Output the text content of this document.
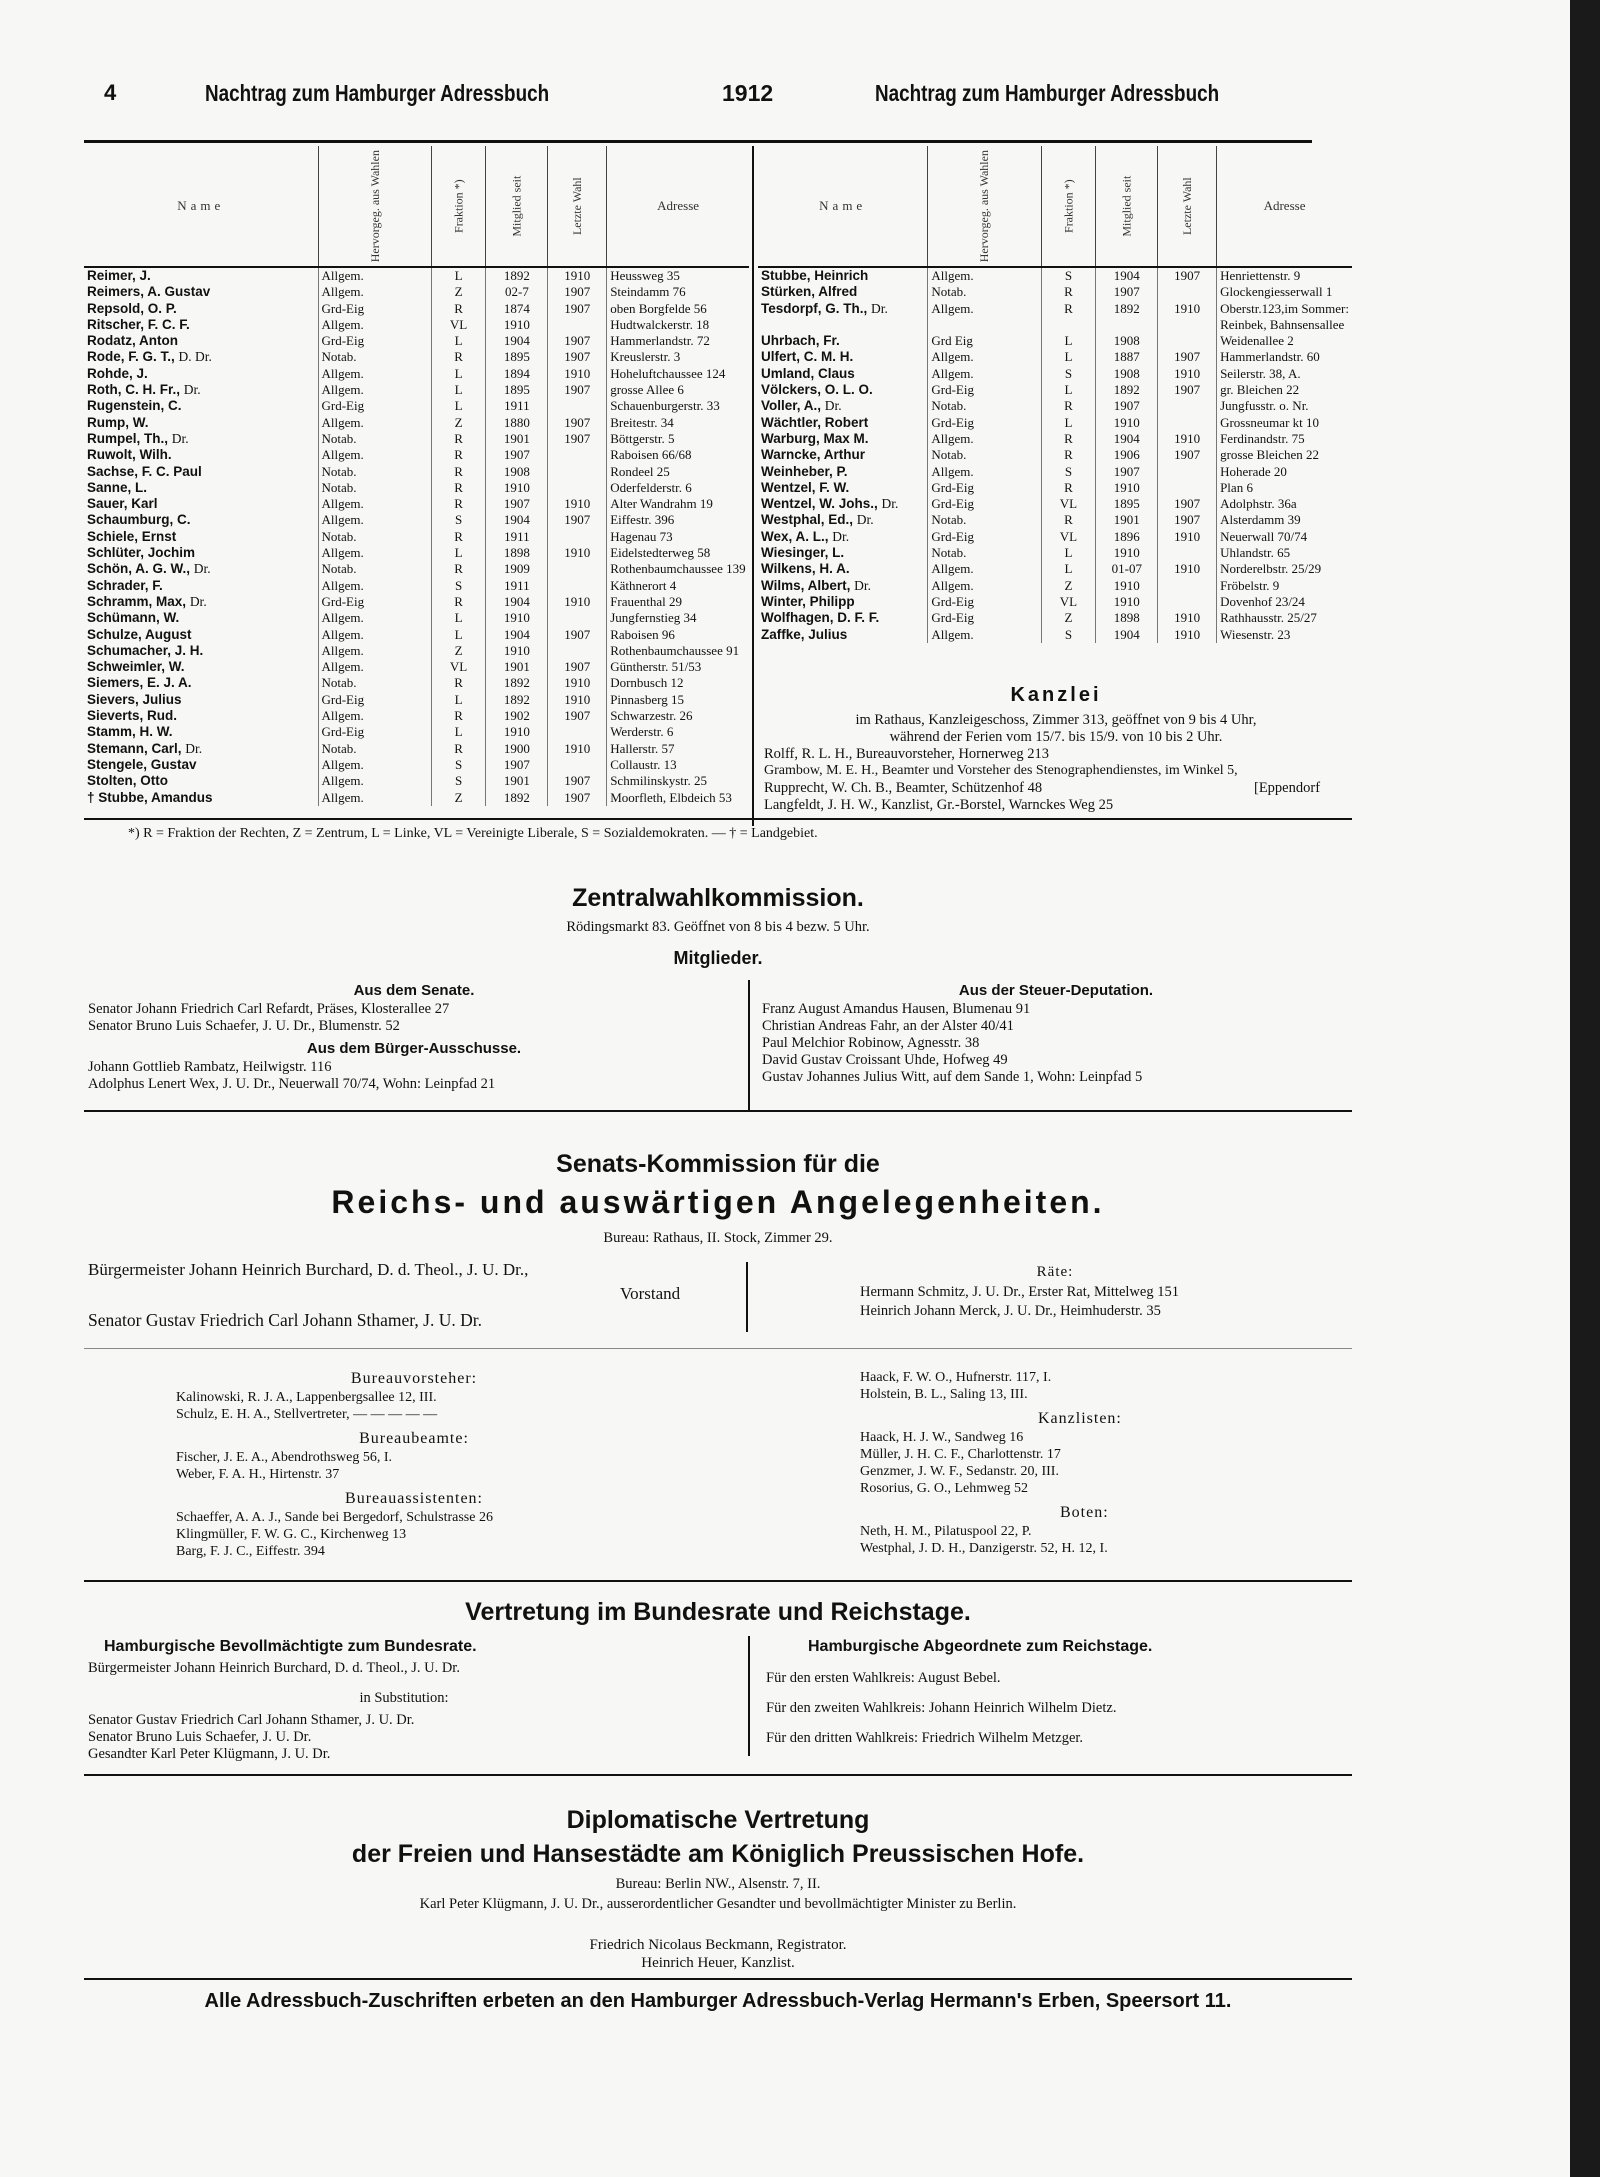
4	Nachtrag zum Hamburger Adressbuch	1912	Nachtrag zum Hamburger Adressbuch
Name	Hervorgeg. aus Wahlen	Fraktion *)	Mitglied seit	Letzte Wahl	Adresse
Reimer, J.	Allgem.	L	1892	1910	Heussweg 35
Reimers, A. Gustav	Allgem.	Z	02-7	1907	Steindamm 76
Repsold, O. P.	Grd-Eig	R	1874	1907	oben Borgfelde 56
Ritscher, F. C. F.	Allgem.	VL	1910		Hudtwalckerstr. 18
Rodatz, Anton	Grd-Eig	L	1904	1907	Hammerlandstr. 72
Rode, F. G. T., D. Dr.	Notab.	R	1895	1907	Kreuslerstr. 3
Rohde, J.	Allgem.	L	1894	1910	Hoheluftchaussee 124
Roth, C. H. Fr., Dr.	Allgem.	L	1895	1907	grosse Allee 6
Rugenstein, C.	Grd-Eig	L	1911		Schauenburgerstr. 33
Rump, W.	Allgem.	Z	1880	1907	Breitestr. 34
Rumpel, Th., Dr.	Notab.	R	1901	1907	Böttgerstr. 5
Ruwolt, Wilh.	Allgem.	R	1907		Raboisen 66/68
Sachse, F. C. Paul	Notab.	R	1908		Rondeel 25
Sanne, L.	Notab.	R	1910		Oderfelderstr. 6
Sauer, Karl	Allgem.	R	1907	1910	Alter Wandrahm 19
Schaumburg, C.	Allgem.	S	1904	1907	Eiffestr. 396
Schiele, Ernst	Notab.	R	1911		Hagenau 73
Schlüter, Jochim	Allgem.	L	1898	1910	Eidelstedterweg 58
Schön, A. G. W., Dr.	Notab.	R	1909		Rothenbaumchaussee 139
Schrader, F.	Allgem.	S	1911		Käthnerort 4
Schramm, Max, Dr.	Grd-Eig	R	1904	1910	Frauenthal 29
Schümann, W.	Allgem.	L	1910		Jungfernstieg 34
Schulze, August	Allgem.	L	1904	1907	Raboisen 96
Schumacher, J. H.	Allgem.	Z	1910		Rothenbaumchaussee 91
Schweimler, W.	Allgem.	VL	1901	1907	Güntherstr. 51/53
Siemers, E. J. A.	Notab.	R	1892	1910	Dornbusch 12
Sievers, Julius	Grd-Eig	L	1892	1910	Pinnasberg 15
Sieverts, Rud.	Allgem.	R	1902	1907	Schwarzestr. 26
Stamm, H. W.	Grd-Eig	L	1910		Werderstr. 6
Stemann, Carl, Dr.	Notab.	R	1900	1910	Hallerstr. 57
Stengele, Gustav	Allgem.	S	1907		Collaustr. 13
Stolten, Otto	Allgem.	S	1901	1907	Schmilinskystr. 25
† Stubbe, Amandus	Allgem.	Z	1892	1907	Moorfleth, Elbdeich 53
Name	Hervorgeg. aus Wahlen	Fraktion *)	Mitglied seit	Letzte Wahl	Adresse
Stubbe, Heinrich	Allgem.	S	1904	1907	Henriettenstr. 9
Stürken, Alfred	Notab.	R	1907		Glockengiesserwall 1
Tesdorpf, G. Th., Dr.	Allgem.	R	1892	1910	Oberstr.123,im Sommer:
					Reinbek, Bahnsensallee
Uhrbach, Fr.	Grd Eig	L	1908		Weidenallee 2
Ulfert, C. M. H.	Allgem.	L	1887	1907	Hammerlandstr. 60
Umland, Claus	Allgem.	S	1908	1910	Seilerstr. 38, A.
Völckers, O. L. O.	Grd-Eig	L	1892	1907	gr. Bleichen 22
Voller, A., Dr.	Notab.	R	1907		Jungfusstr. o. Nr.
Wächtler, Robert	Grd-Eig	L	1910		Grossneumar kt 10
Warburg, Max M.	Allgem.	R	1904	1910	Ferdinandstr. 75
Warncke, Arthur	Notab.	R	1906	1907	grosse Bleichen 22
Weinheber, P.	Allgem.	S	1907		Hoherade 20
Wentzel, F. W.	Grd-Eig	R	1910		Plan 6
Wentzel, W. Johs., Dr.	Grd-Eig	VL	1895	1907	Adolphstr. 36a
Westphal, Ed., Dr.	Notab.	R	1901	1907	Alsterdamm 39
Wex, A. L., Dr.	Grd-Eig	VL	1896	1910	Neuerwall 70/74
Wiesinger, L.	Notab.	L	1910		Uhlandstr. 65
Wilkens, H. A.	Allgem.	L	01-07	1910	Norderelbstr. 25/29
Wilms, Albert, Dr.	Allgem.	Z	1910		Fröbelstr. 9
Winter, Philipp	Grd-Eig	VL	1910		Dovenhof 23/24
Wolfhagen, D. F. F.	Grd-Eig	Z	1898	1910	Rathhausstr. 25/27
Zaffke, Julius	Allgem.	S	1904	1910	Wiesenstr. 23
Kanzlei
im Rathaus, Kanzleigeschoss, Zimmer 313, geöffnet von 9 bis 4 Uhr,
während der Ferien vom 15/7. bis 15/9. von 10 bis 2 Uhr.
Rolff, R. L. H., Bureauvorsteher, Hornerweg 213
Grambow, M. E. H., Beamter und Vorsteher des Stenographendienstes, im Winkel 5,
Rupprecht, W. Ch. B., Beamter, Schützenhof 48	[Eppendorf
Langfeldt, J. H. W., Kanzlist, Gr.-Borstel, Warnckes Weg 25
*) R = Fraktion der Rechten, Z = Zentrum, L = Linke, VL = Vereinigte Liberale, S = Sozialdemokraten. — † = Landgebiet.
Zentralwahlkommission.
Rödingsmarkt 83. Geöffnet von 8 bis 4 bezw. 5 Uhr.
Mitglieder.
Aus dem Senate.
Senator Johann Friedrich Carl Refardt, Präses, Klosterallee 27
Senator Bruno Luis Schaefer, J. U. Dr., Blumenstr. 52
Aus dem Bürger-Ausschusse.
Johann Gottlieb Rambatz, Heilwigstr. 116
Adolphus Lenert Wex, J. U. Dr., Neuerwall 70/74, Wohn: Leinpfad 21
Aus der Steuer-Deputation.
Franz August Amandus Hausen, Blumenau 91
Christian Andreas Fahr, an der Alster 40/41
Paul Melchior Robinow, Agnesstr. 38
David Gustav Croissant Uhde, Hofweg 49
Gustav Johannes Julius Witt, auf dem Sande 1, Wohn: Leinpfad 5
Senats-Kommission für die
Reichs- und auswärtigen Angelegenheiten.
Bureau: Rathaus, II. Stock, Zimmer 29.
Bürgermeister Johann Heinrich Burchard, D. d. Theol., J. U. Dr.,
Vorstand
Senator Gustav Friedrich Carl Johann Sthamer, J. U. Dr.
Räte:
Hermann Schmitz, J. U. Dr., Erster Rat, Mittelweg 151
Heinrich Johann Merck, J. U. Dr., Heimhuderstr. 35
Bureauvorsteher:
Kalinowski, R. J. A., Lappenbergsallee 12, III.
Schulz, E. H. A., Stellvertreter, — — — — —
Bureaubeamte:
Fischer, J. E. A., Abendrothsweg 56, I.
Weber, F. A. H., Hirtenstr. 37
Bureauassistenten:
Schaeffer, A. A. J., Sande bei Bergedorf, Schulstrasse 26
Klingmüller, F. W. G. C., Kirchenweg 13
Barg, F. J. C., Eiffestr. 394
Haack, F. W. O., Hufnerstr. 117, I.
Holstein, B. L., Saling 13, III.
Kanzlisten:
Haack, H. J. W., Sandweg 16
Müller, J. H. C. F., Charlottenstr. 17
Genzmer, J. W. F., Sedanstr. 20, III.
Rosorius, G. O., Lehmweg 52
Boten:
Neth, H. M., Pilatuspool 22, P.
Westphal, J. D. H., Danzigerstr. 52, H. 12, I.
Vertretung im Bundesrate und Reichstage.
Hamburgische Bevollmächtigte zum Bundesrate.
Bürgermeister Johann Heinrich Burchard, D. d. Theol., J. U. Dr.
in Substitution:
Senator Gustav Friedrich Carl Johann Sthamer, J. U. Dr.
Senator Bruno Luis Schaefer, J. U. Dr.
Gesandter Karl Peter Klügmann, J. U. Dr.
Hamburgische Abgeordnete zum Reichstage.
Für den ersten Wahlkreis: August Bebel.
Für den zweiten Wahlkreis: Johann Heinrich Wilhelm Dietz.
Für den dritten Wahlkreis: Friedrich Wilhelm Metzger.
Diplomatische Vertretung
der Freien und Hansestädte am Königlich Preussischen Hofe.
Bureau: Berlin NW., Alsenstr. 7, II.
Karl Peter Klügmann, J. U. Dr., ausserordentlicher Gesandter und bevollmächtigter Minister zu Berlin.
Friedrich Nicolaus Beckmann, Registrator.
Heinrich Heuer, Kanzlist.
Alle Adressbuch-Zuschriften erbeten an den Hamburger Adressbuch-Verlag Hermann's Erben, Speersort 11.
